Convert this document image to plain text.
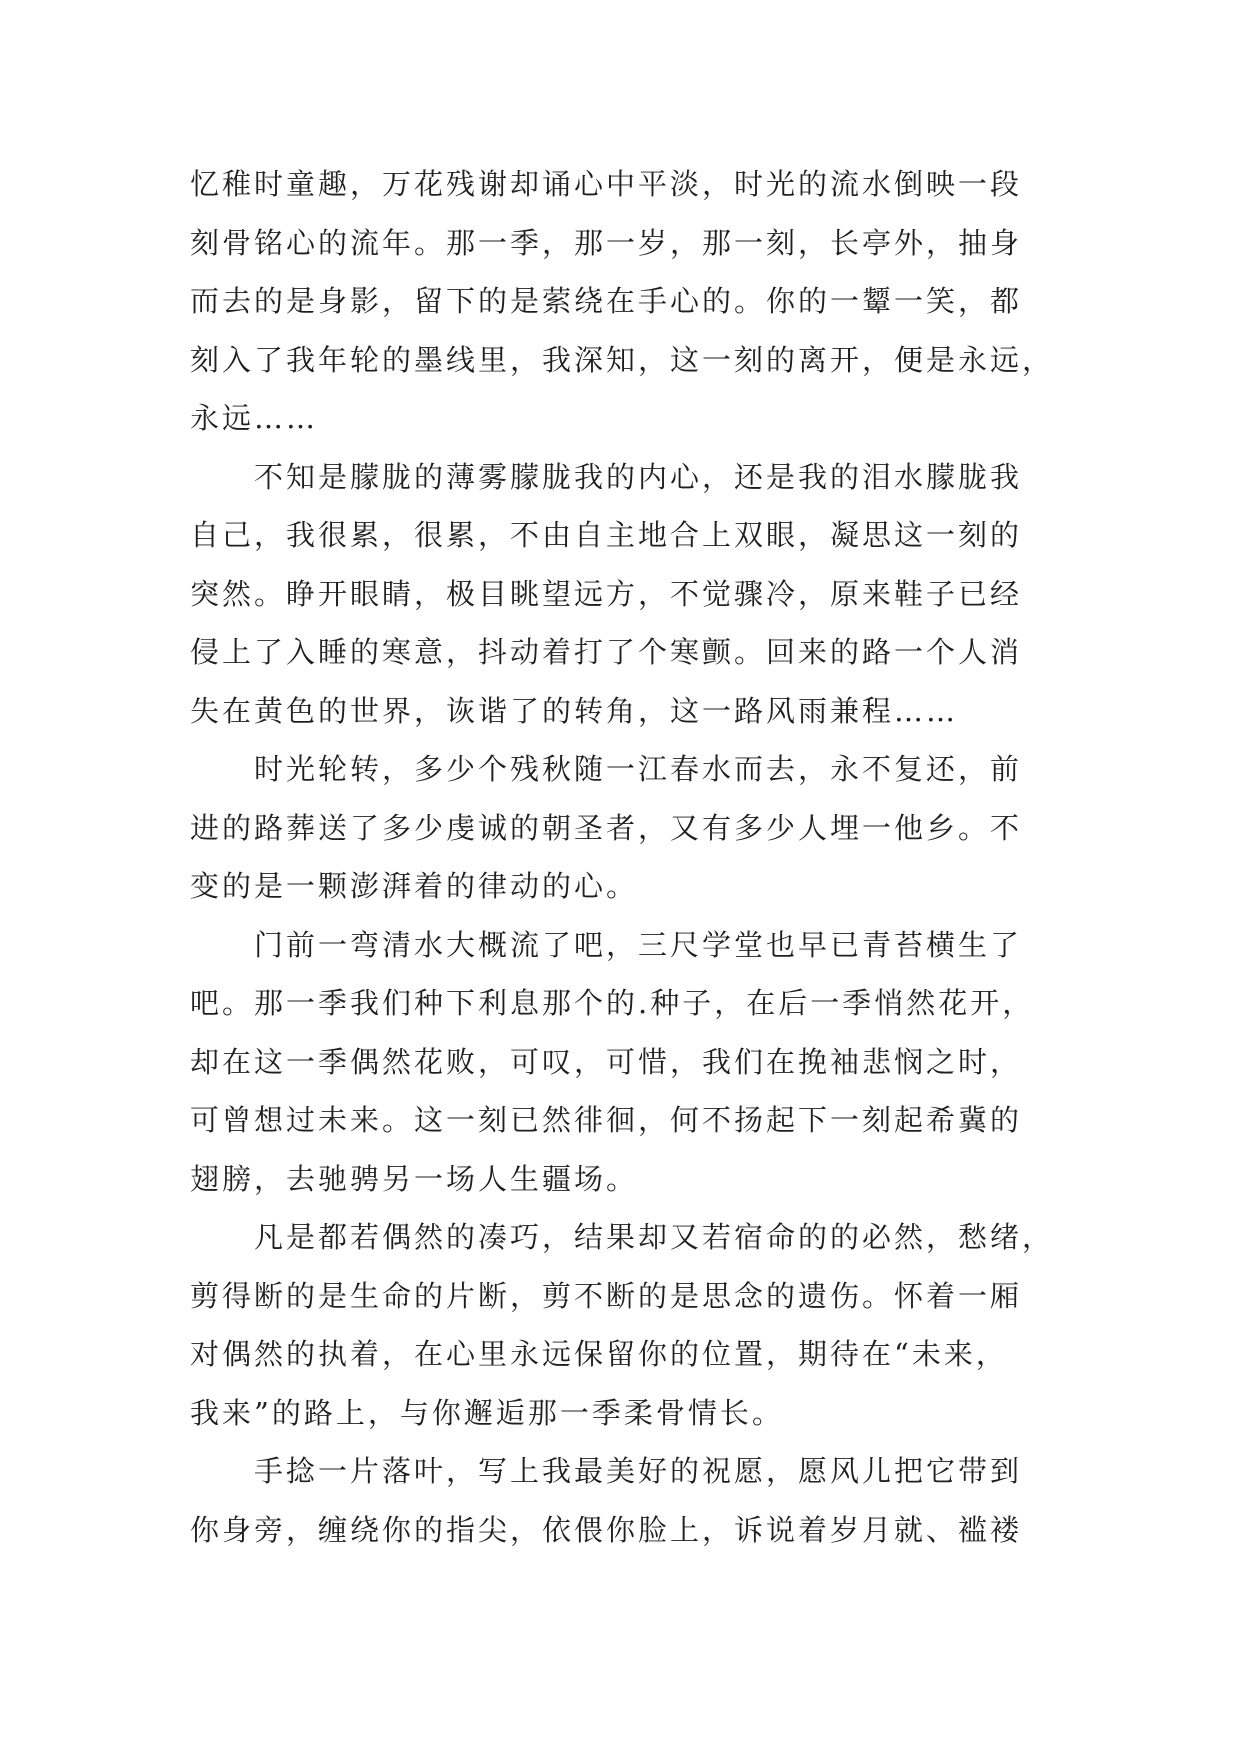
忆稚时童趣，万花残谢却诵心中平淡，时光的流水倒映一段
刻骨铭心的流年。那一季，那一岁，那一刻，长亭外，抽身
而去的是身影，留下的是萦绕在手心的。你的一颦一笑，都
刻入了我年轮的墨线里，我深知，这一刻的离开，便是永远，
永远……
不知是朦胧的薄雾朦胧我的内心，还是我的泪水朦胧我
自己，我很累，很累，不由自主地合上双眼，凝思这一刻的
突然。睁开眼睛，极目眺望远方，不觉骤冷，原来鞋子已经
侵上了入睡的寒意，抖动着打了个寒颤。回来的路一个人消
失在黄色的世界，诙谐了的转角，这一路风雨兼程……
时光轮转，多少个残秋随一江春水而去，永不复还，前
进的路葬送了多少虔诚的朝圣者，又有多少人埋一他乡。不
变的是一颗澎湃着的律动的心。
门前一弯清水大概流了吧，三尺学堂也早已青苔横生了
吧。那一季我们种下利息那个的.种子，在后一季悄然花开，
却在这一季偶然花败，可叹，可惜，我们在挽袖悲悯之时，
可曾想过未来。这一刻已然徘徊，何不扬起下一刻起希冀的
翅膀，去驰骋另一场人生疆场。
凡是都若偶然的凑巧，结果却又若宿命的的必然，愁绪，
剪得断的是生命的片断，剪不断的是思念的遗伤。怀着一厢
对偶然的执着，在心里永远保留你的位置，期待在“未来，
我来”的路上，与你邂逅那一季柔骨情长。
手捻一片落叶，写上我最美好的祝愿，愿风儿把它带到
你身旁，缠绕你的指尖，依偎你脸上，诉说着岁月就、褴褛
